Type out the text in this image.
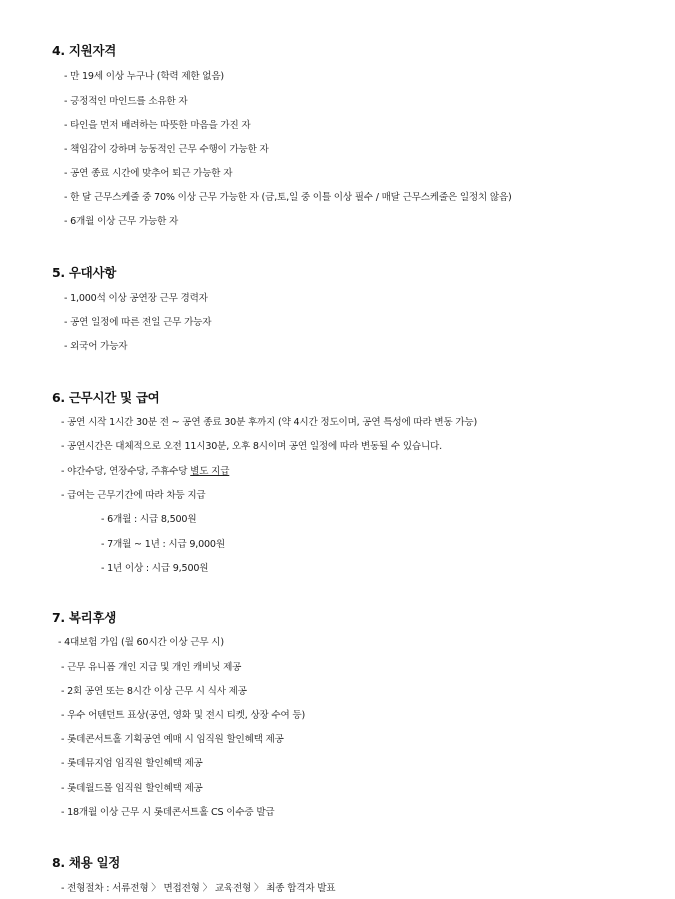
4. 지원자격
- 만 19세 이상 누구나 (학력 제한 없음)
- 긍정적인 마인드를 소유한 자
- 타인을 먼저 배려하는 따뜻한 마음을 가진 자
- 책임감이 강하며 능동적인 근무 수행이 가능한 자
- 공연 종료 시간에 맞추어 퇴근 가능한 자
- 한 달 근무스케줄 중 70% 이상 근무 가능한 자 (금,토,일 중 이틀 이상 필수 / 매달 근무스케줄은 일정치 않음)
- 6개월 이상 근무 가능한 자
5. 우대사항
- 1,000석 이상 공연장 근무 경력자
- 공연 일정에 따른 전일 근무 가능자
- 외국어 가능자
6. 근무시간 및 급여
- 공연 시작 1시간 30분 전 ~ 공연 종료 30분 후까지 (약 4시간 정도이며, 공연 특성에 따라 변동 가능)
- 공연시간은 대체적으로 오전 11시30분, 오후 8시이며 공연 일정에 따라 변동될 수 있습니다.
- 야간수당, 연장수당, 주휴수당 별도 지급
- 급여는 근무기간에 따라 차등 지급
- 6개월 : 시급 8,500원
- 7개월 ~ 1년 : 시급 9,000원
- 1년 이상 : 시급 9,500원
7. 복리후생
- 4대보험 가입 (월 60시간 이상 근무 시)
- 근무 유니폼 개인 지급 및 개인 캐비닛 제공
- 2회 공연 또는 8시간 이상 근무 시 식사 제공
- 우수 어텐던트 표상(공연, 영화 및 전시 티켓, 상장 수여 등)
- 롯데콘서트홀 기획공연 예매 시 임직원 할인혜택 제공
- 롯데뮤지엄 임직원 할인혜택 제공
- 롯데월드몰 임직원 할인혜택 제공
- 18개월 이상 근무 시 롯데콘서트홀 CS 이수증 발급
8. 채용 일정
- 전형절차 : 서류전형 〉 면접전형 〉 교육전형 〉 최종 합격자 발표
